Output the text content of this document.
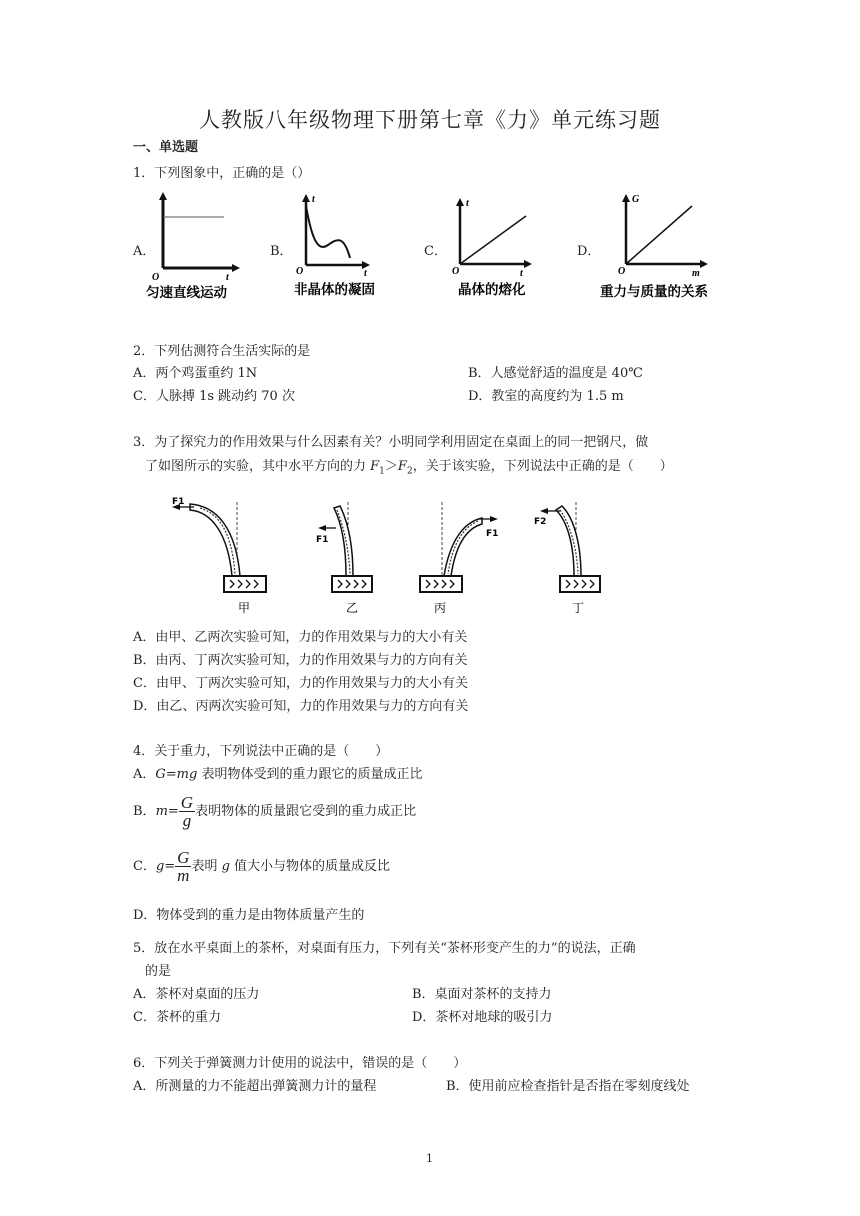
人教版八年级物理下册第七章《力》单元练习题
一、单选题
1．下列图象中，正确的是（）
A．
O	t
匀速直线运动
B．
t
O	t
非晶体的凝固
C．
t
O	t
晶体的熔化
D．
G
O	m
重力与质量的关系
2．下列估测符合生活实际的是
A．两个鸡蛋重约 1N	B．人感觉舒适的温度是 40℃
C．人脉搏 1s 跳动约 70 次	D．教室的高度约为 1.5 m
3．为了探究力的作用效果与什么因素有关？小明同学利用固定在桌面上的同一把钢尺，做
了如图所示的实验，其中水平方向的力 $F_1>F_2$，关于该实验，下列说法中正确的是（　　）
F1
甲
F1
乙
F1
丙
F2
丁
A．由甲、乙两次实验可知，力的作用效果与力的大小有关
B．由丙、丁两次实验可知，力的作用效果与力的方向有关
C．由甲、丁两次实验可知，力的作用效果与力的大小有关
D．由乙、丙两次实验可知，力的作用效果与力的方向有关
4．关于重力，下列说法中正确的是（　　）
A．G=mg 表明物体受到的重力跟它的质量成正比
B．$m= \frac{G}{g}$ 表明物体的质量跟它受到的重力成正比
C．$g= \frac{G}{m}$ 表明 g 值大小与物体的质量成反比
D．物体受到的重力是由物体质量产生的
5．放在水平桌面上的茶杯，对桌面有压力，下列有关“茶杯形变产生的力”的说法，正确
的是
A．茶杯对桌面的压力	B．桌面对茶杯的支持力
C．茶杯的重力	D．茶杯对地球的吸引力
6．下列关于弹簧测力计使用的说法中，错误的是（　　）
A．所测量的力不能超出弹簧测力计的量程	B．使用前应检查指针是否指在零刻度线处
1
